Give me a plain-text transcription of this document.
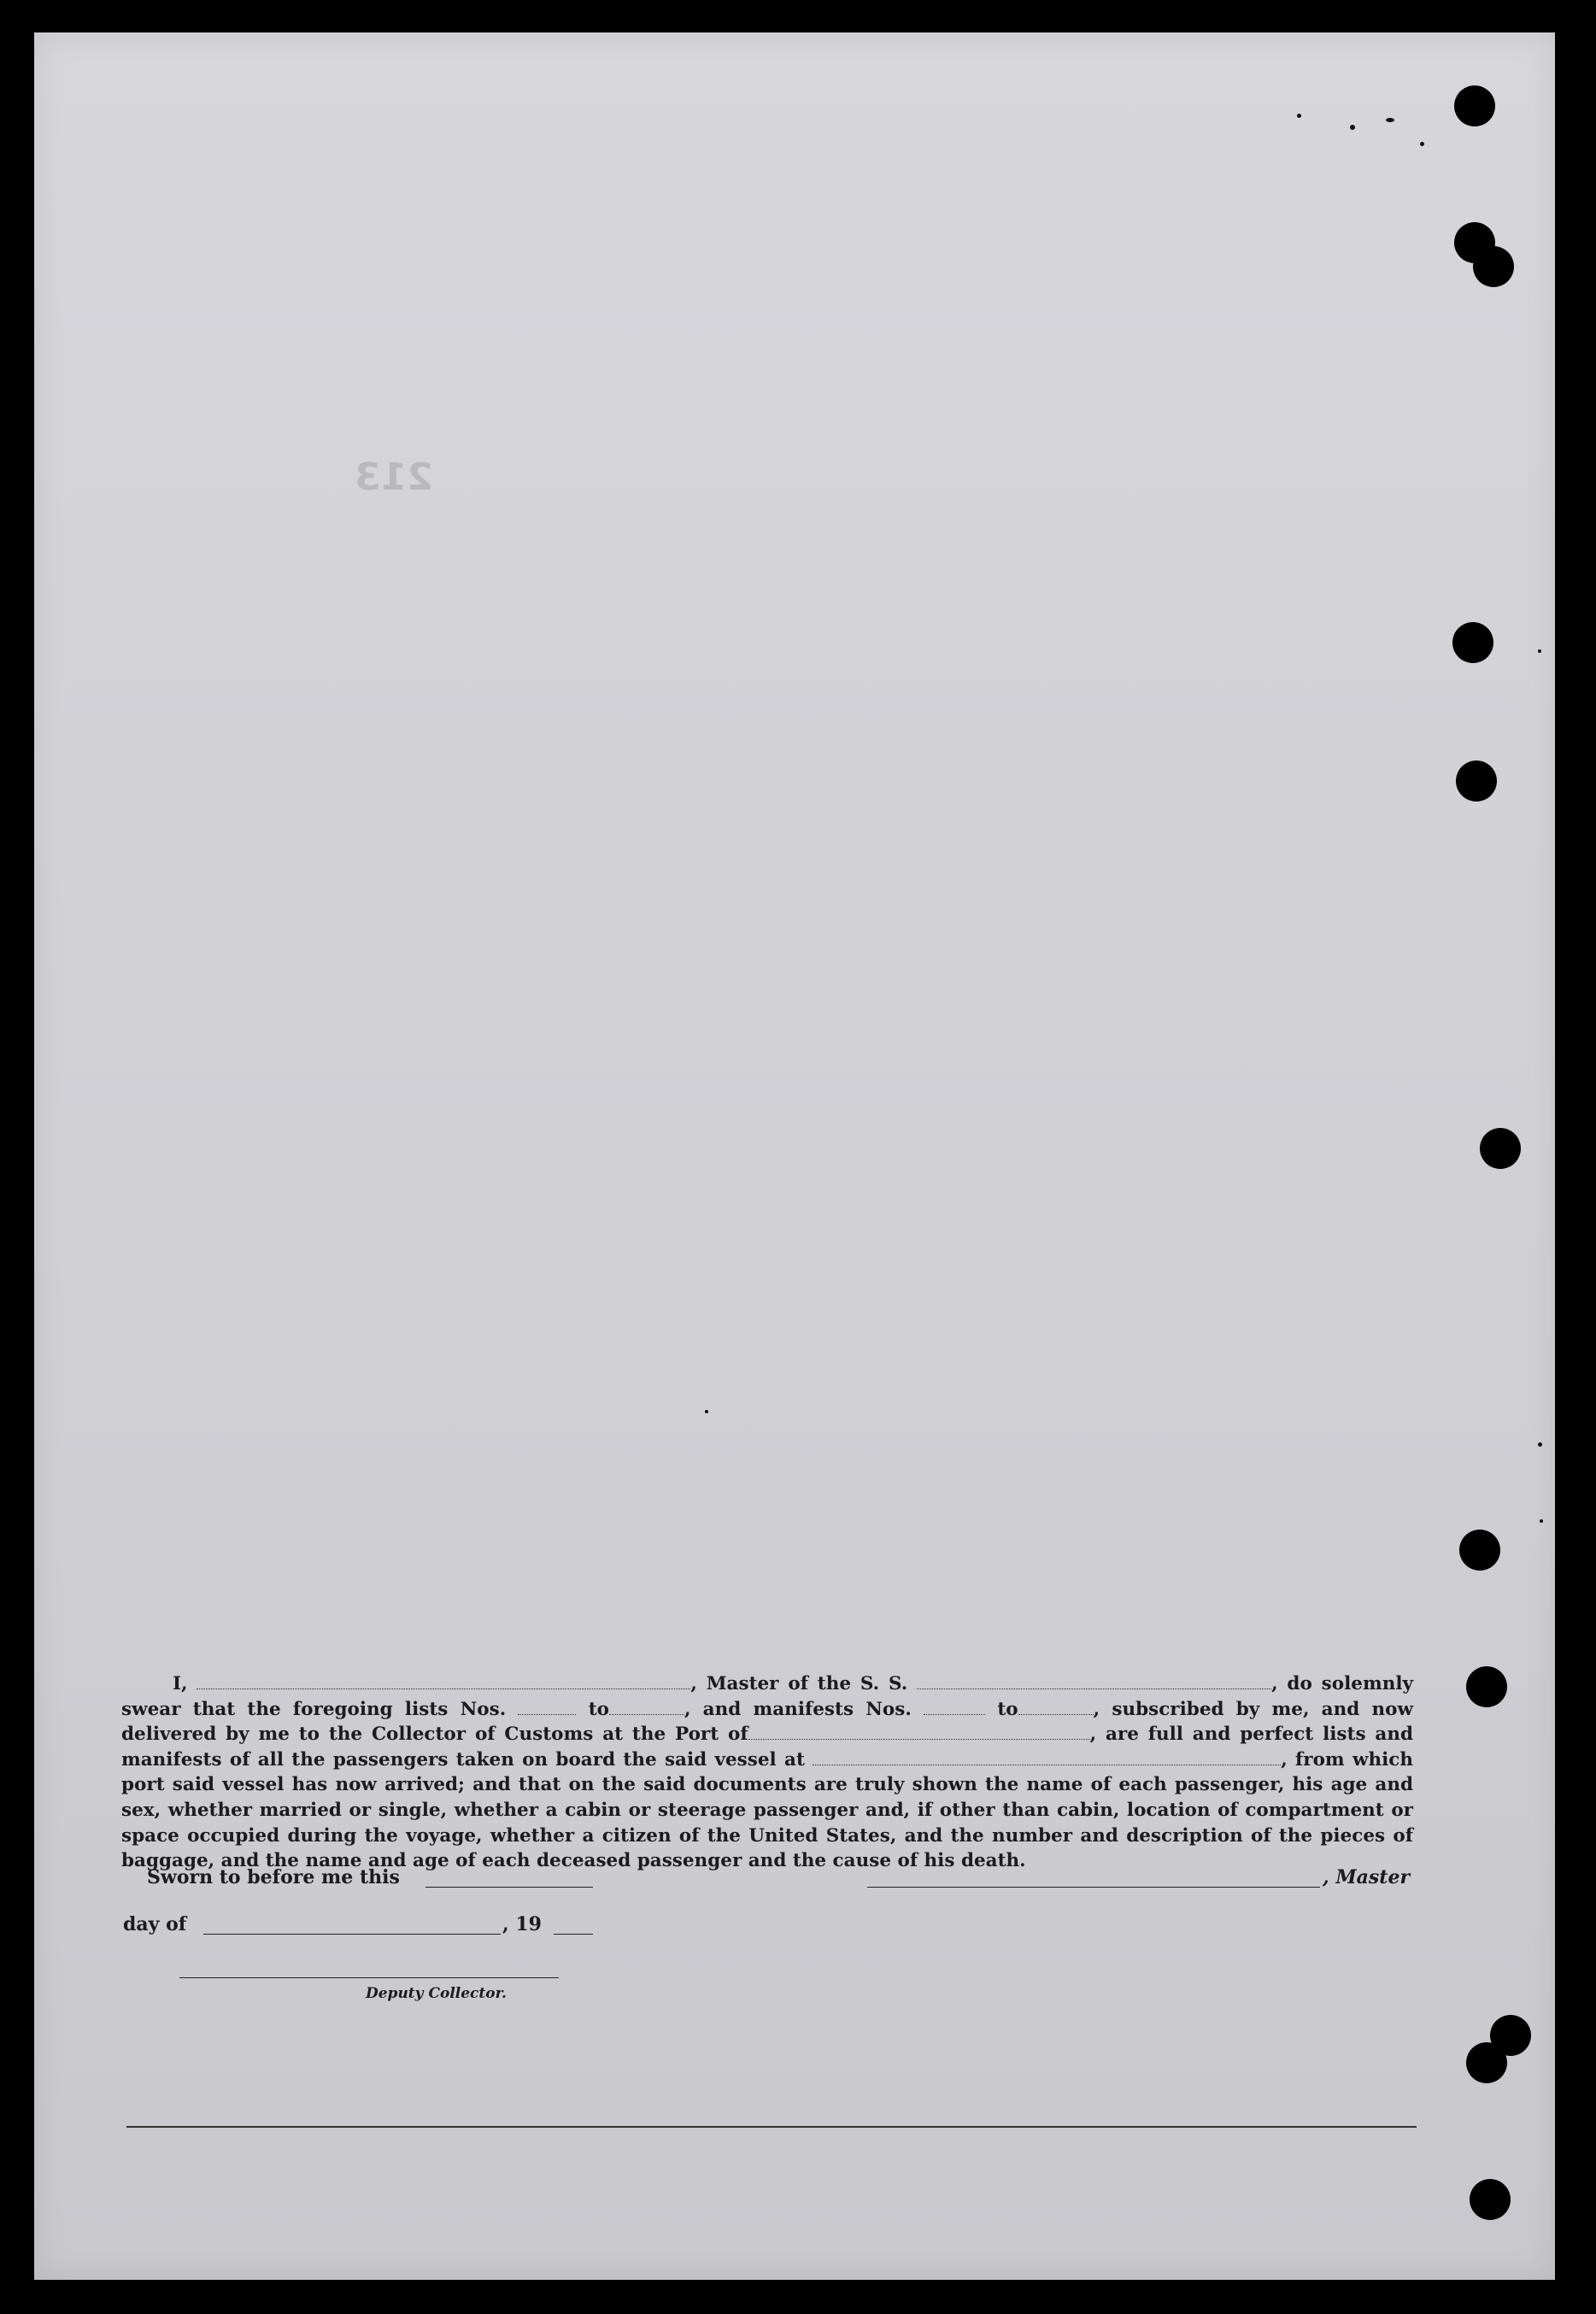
213
I,	, Master of the S. S.	, do solemnly swear that the foregoing lists Nos.	to	, and manifests Nos.	to	, subscribed by me, and now delivered by me to the Collector of Customs at the Port of	, are full and perfect lists and manifests of all the passengers taken on board the said vessel at	, from which port said vessel has now arrived; and that on the said documents are truly shown the name of each passenger, his age and sex, whether married or single, whether a cabin or steerage passenger and, if other than cabin, location of compartment or space occupied during the voyage, whether a citizen of the United States, and the number and description of the pieces of baggage, and the name and age of each deceased passenger and the cause of his death.
Sworn to before me this	, Master
day of	, 19
Deputy Collector.
